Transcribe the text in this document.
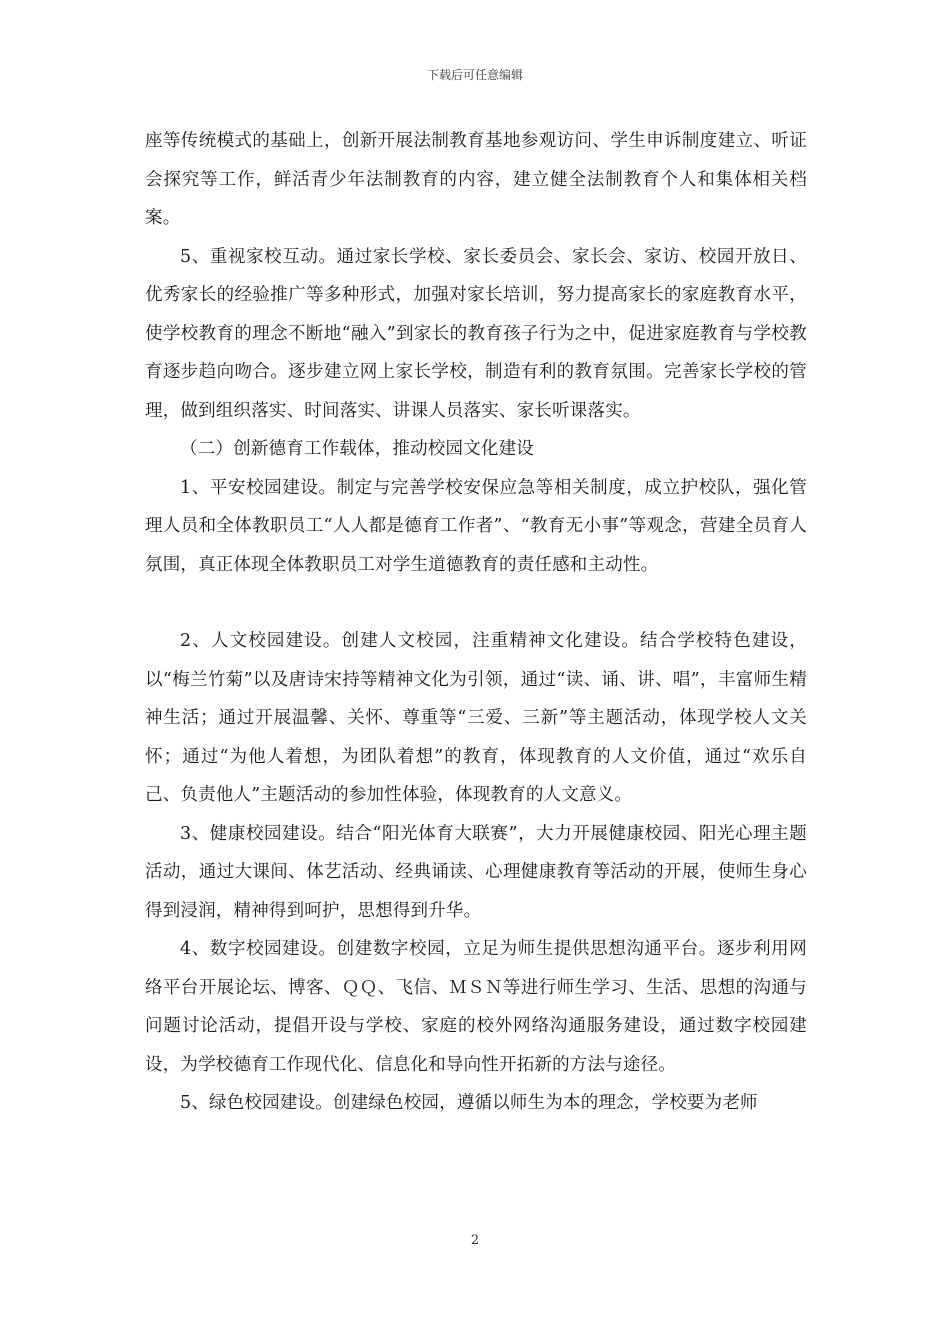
下载后可任意编辑

座等传统模式的基础上，创新开展法制教育基地参观访问、学生申诉制度建立、听证会探究等工作，鲜活青少年法制教育的内容，建立健全法制教育个人和集体相关档案。

5、重视家校互动。通过家长学校、家长委员会、家长会、家访、校园开放日、优秀家长的经验推广等多种形式，加强对家长培训，努力提高家长的家庭教育水平，使学校教育的理念不断地“融入”到家长的教育孩子行为之中，促进家庭教育与学校教育逐步趋向吻合。逐步建立网上家长学校，制造有利的教育氛围。完善家长学校的管理，做到组织落实、时间落实、讲课人员落实、家长听课落实。

（二）创新德育工作载体，推动校园文化建设

1、平安校园建设。制定与完善学校安保应急等相关制度，成立护校队，强化管理人员和全体教职员工“人人都是德育工作者”、“教育无小事”等观念，营建全员育人氛围，真正体现全体教职员工对学生道德教育的责任感和主动性。

2、人文校园建设。创建人文校园，注重精神文化建设。结合学校特色建设，以“梅兰竹菊”以及唐诗宋持等精神文化为引领，通过“读、诵、讲、唱”，丰富师生精神生活；通过开展温馨、关怀、尊重等“三爱、三新”等主题活动，体现学校人文关怀；通过“为他人着想，为团队着想”的教育，体现教育的人文价值，通过“欢乐自己、负责他人”主题活动的参加性体验，体现教育的人文意义。

3、健康校园建设。结合“阳光体育大联赛”，大力开展健康校园、阳光心理主题活动，通过大课间、体艺活动、经典诵读、心理健康教育等活动的开展，使师生身心得到浸润，精神得到呵护，思想得到升华。

4、数字校园建设。创建数字校园，立足为师生提供思想沟通平台。逐步利用网络平台开展论坛、博客、ＱＱ、飞信、ＭＳＮ等进行师生学习、生活、思想的沟通与问题讨论活动，提倡开设与学校、家庭的校外网络沟通服务建设，通过数字校园建设，为学校德育工作现代化、信息化和导向性开拓新的方法与途径。

5、绿色校园建设。创建绿色校园，遵循以师生为本的理念，学校要为老师

2
